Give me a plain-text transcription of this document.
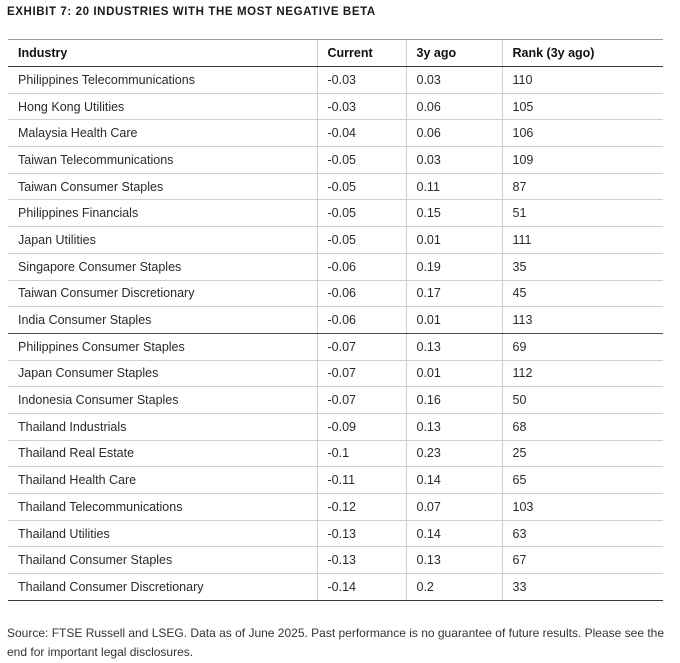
EXHIBIT 7: 20 INDUSTRIES WITH THE MOST NEGATIVE BETA
Industry	Current	3y ago	Rank (3y ago)
Philippines Telecommunications	-0.03	0.03	110
Hong Kong Utilities	-0.03	0.06	105
Malaysia Health Care	-0.04	0.06	106
Taiwan Telecommunications	-0.05	0.03	109
Taiwan Consumer Staples	-0.05	0.11	87
Philippines Financials	-0.05	0.15	51
Japan Utilities	-0.05	0.01	111
Singapore Consumer Staples	-0.06	0.19	35
Taiwan Consumer Discretionary	-0.06	0.17	45
India Consumer Staples	-0.06	0.01	113
Philippines Consumer Staples	-0.07	0.13	69
Japan Consumer Staples	-0.07	0.01	112
Indonesia Consumer Staples	-0.07	0.16	50
Thailand Industrials	-0.09	0.13	68
Thailand Real Estate	-0.1	0.23	25
Thailand Health Care	-0.11	0.14	65
Thailand Telecommunications	-0.12	0.07	103
Thailand Utilities	-0.13	0.14	63
Thailand Consumer Staples	-0.13	0.13	67
Thailand Consumer Discretionary	-0.14	0.2	33
Source: FTSE Russell and LSEG. Data as of June 2025. Past performance is no guarantee of future results. Please see the end for important legal disclosures.
